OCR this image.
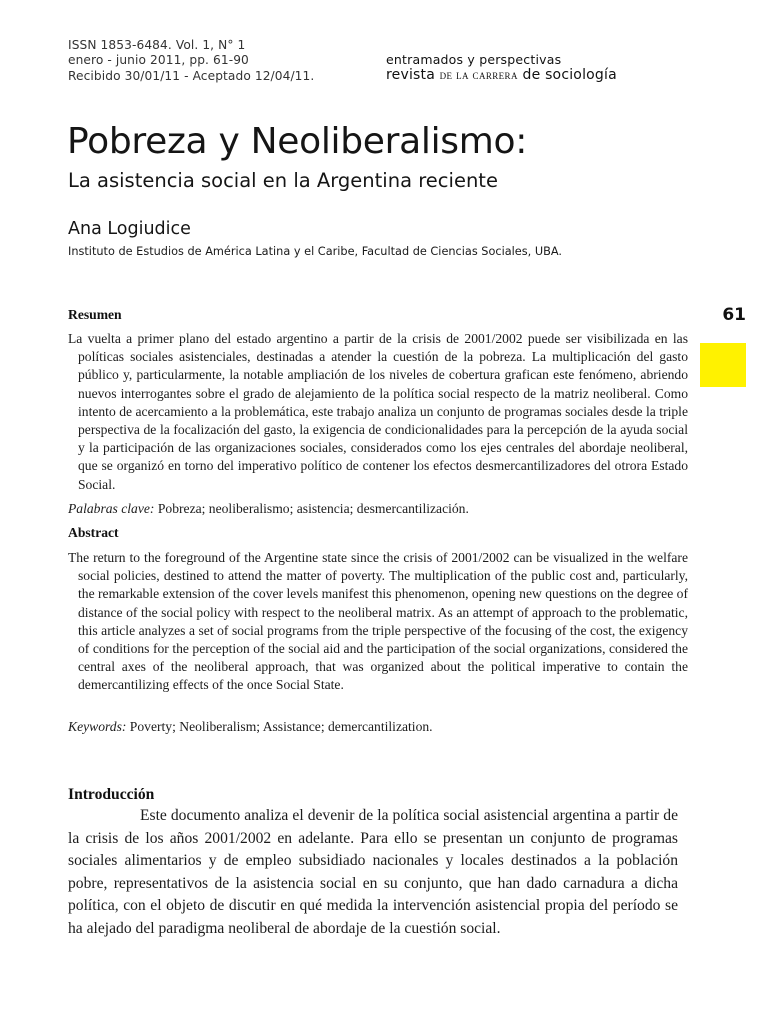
ISSN 1853-6484. Vol. 1, N° 1
enero - junio 2011, pp. 61-90
Recibido 30/01/11 - Aceptado 12/04/11.
entramados y perspectivas
revista de la carrera de sociología
Pobreza y Neoliberalismo:
La asistencia social en la Argentina reciente
Ana Logiudice
Instituto de Estudios de América Latina y el Caribe, Facultad de Ciencias Sociales, UBA.
61
Resumen
La vuelta a primer plano del estado argentino a partir de la crisis de 2001/2002 puede ser visibilizada en las políticas sociales asistenciales, destinadas a atender la cuestión de la pobreza. La multiplicación del gasto público y, particularmente, la notable ampliación de los niveles de cobertura grafican este fenómeno, abriendo nuevos interrogantes sobre el grado de alejamiento de la política social respecto de la matriz neoliberal. Como intento de acercamiento a la problemática, este trabajo analiza un conjunto de programas sociales desde la triple perspectiva de la focalización del gasto, la exigencia de condicionalidades para la percepción de la ayuda social y la participación de las organizaciones sociales, considerados como los ejes centrales del abordaje neoliberal, que se organizó en torno del imperativo político de contener los efectos desmercantilizadores del otrora Estado Social.
Palabras clave: Pobreza; neoliberalismo; asistencia; desmercantilización.
Abstract
The return to the foreground of the Argentine state since the crisis of 2001/2002 can be visualized in the welfare social policies, destined to attend the matter of poverty. The multiplication of the public cost and, particularly, the remarkable extension of the cover levels manifest this phenomenon, opening new questions on the degree of distance of the social policy with respect to the neoliberal matrix. As an attempt of approach to the problematic, this article analyzes a set of social programs from the triple perspective of the focusing of the cost, the exigency of conditions for the perception of the social aid and the participation of the social organizations, considered the central axes of the neoliberal approach, that was organized about the political imperative to contain the demercantilizing effects of the once Social State.
Keywords: Poverty; Neoliberalism; Assistance; demercantilization.
Introducción
Este documento analiza el devenir de la política social asistencial argentina a partir de la crisis de los años 2001/2002 en adelante. Para ello se presentan un conjunto de programas sociales alimentarios y de empleo subsidiado nacionales y locales destinados a la población pobre, representativos de la asistencia social en su conjunto, que han dado carnadura a dicha política, con el objeto de discutir en qué medida la intervención asistencial propia del período se ha alejado del paradigma neoliberal de abordaje de la cuestión social.
